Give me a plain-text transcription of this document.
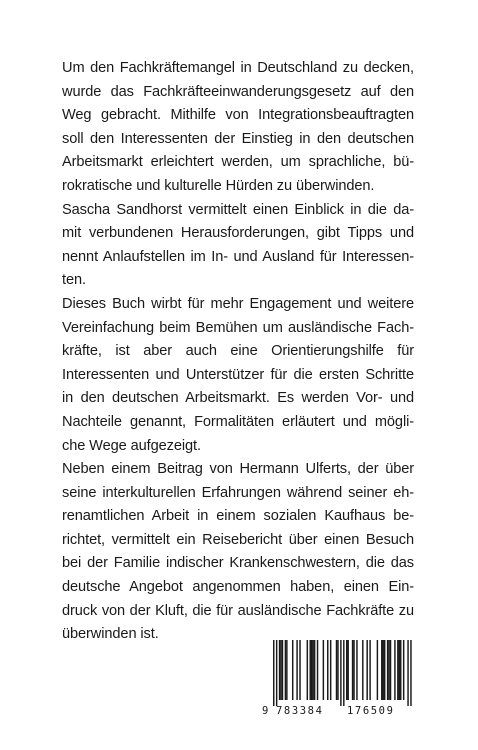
Um den Fachkräftemangel in Deutschland zu decken,
wurde das Fachkräfteeinwanderungsgesetz auf den
Weg gebracht. Mithilfe von Integrationsbeauftragten
soll den Interessenten der Einstieg in den deutschen
Arbeitsmarkt erleichtert werden, um sprachliche, bü-
rokratische und kulturelle Hürden zu überwinden.

Sascha Sandhorst vermittelt einen Einblick in die da-
mit verbundenen Herausforderungen, gibt Tipps und
nennt Anlaufstellen im In- und Ausland für Interessen-
ten.

Dieses Buch wirbt für mehr Engagement und weitere
Vereinfachung beim Bemühen um ausländische Fach-
kräfte, ist aber auch eine Orientierungshilfe für
Interessenten und Unterstützer für die ersten Schritte
in den deutschen Arbeitsmarkt. Es werden Vor- und
Nachteile genannt, Formalitäten erläutert und mögli-
che Wege aufgezeigt.

Neben einem Beitrag von Hermann Ulferts, der über
seine interkulturellen Erfahrungen während seiner eh-
renamtlichen Arbeit in einem sozialen Kaufhaus be-
richtet, vermittelt ein Reisebericht über einen Besuch
bei der Familie indischer Krankenschwestern, die das
deutsche Angebot angenommen haben, einen Ein-
druck von der Kluft, die für ausländische Fachkräfte zu
überwinden ist.

9 783384 176509
